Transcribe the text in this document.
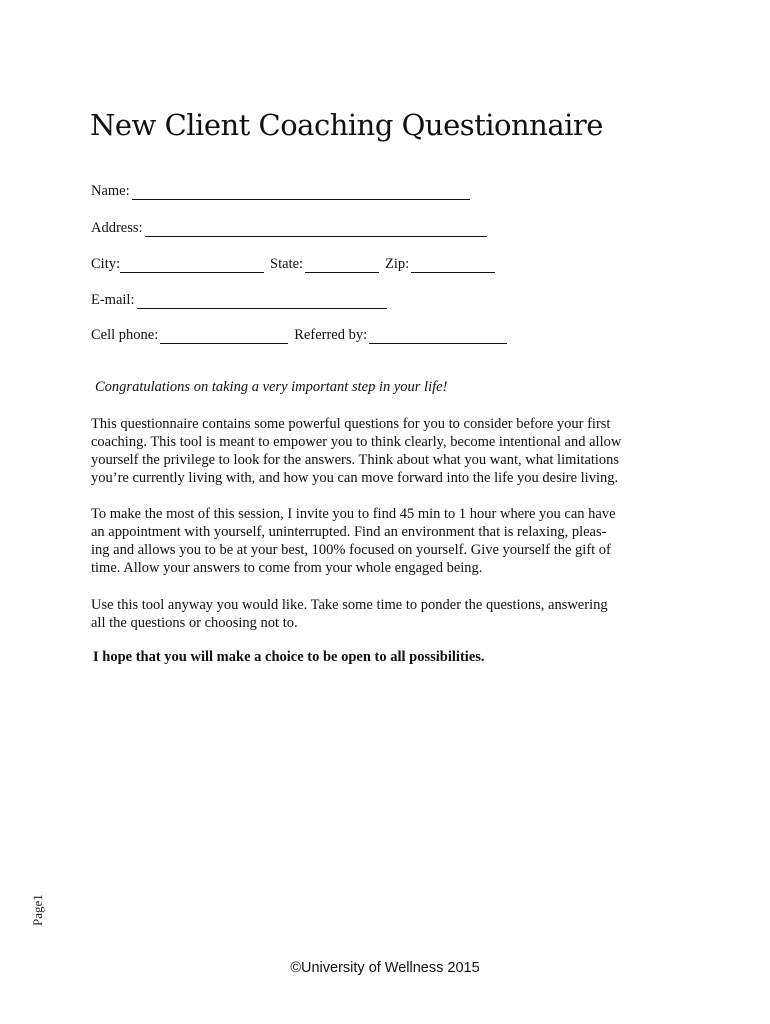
New Client Coaching Questionnaire
Name:
Address:
City:	State:	Zip:
E-mail:
Cell phone:	Referred by:
Congratulations on taking a very important step in your life!
This questionnaire contains some powerful questions for you to consider before your first
coaching. This tool is meant to empower you to think clearly, become intentional and allow
yourself the privilege to look for the answers. Think about what you want, what limitations
you’re currently living with, and how you can move forward into the life you desire living.
To make the most of this session, I invite you to find 45 min to 1 hour where you can have
an appointment with yourself, uninterrupted. Find an environment that is relaxing, pleas-
ing and allows you to be at your best, 100% focused on yourself. Give yourself the gift of
time. Allow your answers to come from your whole engaged being.
Use this tool anyway you would like. Take some time to ponder the questions, answering
all the questions or choosing not to.
I hope that you will make a choice to be open to all possibilities.
Page1
©University of Wellness 2015
